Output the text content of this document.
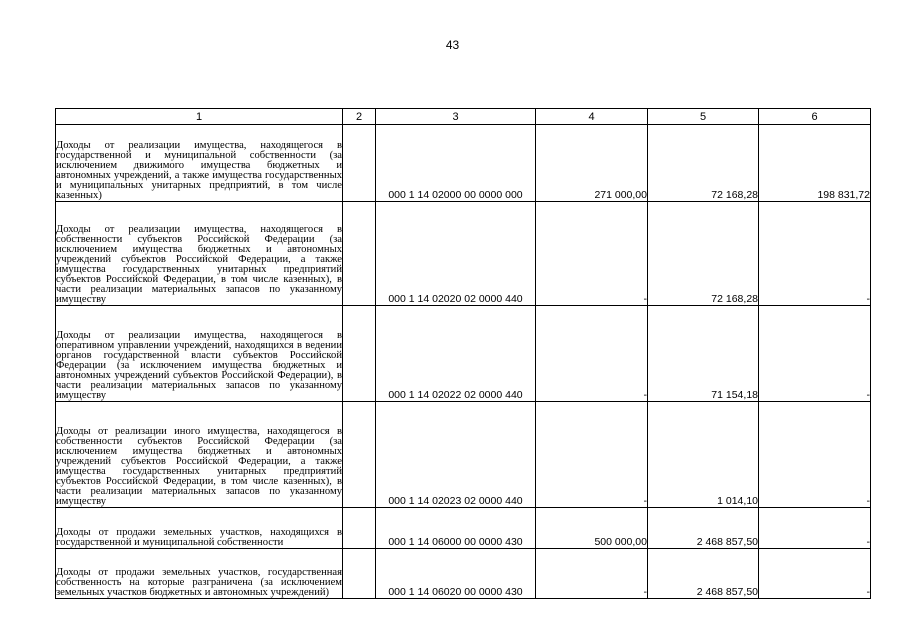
43
1	2	3	4	5	6
Доходы от реализации имущества, находящегося в государственной и муниципальной собственности (за исключением движимого имущества бюджетных и автономных учреждений, а также имущества государственных и муниципальных унитарных предприятий, в том числе казенных)		000 1 14 02000 00 0000 000	271 000,00	72 168,28	198 831,72
Доходы от реализации имущества, находящегося в собственности субъектов Российской Федерации (за исключением имущества бюджетных и автономных учреждений субъектов Российской Федерации, а также имущества государственных унитарных предприятий субъектов Российской Федерации, в том числе казенных), в части реализации материальных запасов по указанному имуществу		000 1 14 02020 02 0000 440	-	72 168,28	-
Доходы от реализации имущества, находящегося в оперативном управлении учреждений, находящихся в ведении органов государственной власти субъектов Российской Федерации (за исключением имущества бюджетных и автономных учреждений субъектов Российской Федерации), в части реализации материальных запасов по указанному имуществу		000 1 14 02022 02 0000 440	-	71 154,18	-
Доходы от реализации иного имущества, находящегося в собственности субъектов Российской Федерации (за исключением имущества бюджетных и автономных учреждений субъектов Российской Федерации, а также имущества государственных унитарных предприятий субъектов Российской Федерации, в том числе казенных), в части реализации материальных запасов по указанному имуществу		000 1 14 02023 02 0000 440	-	1 014,10	-
Доходы от продажи земельных участков, находящихся в государственной и муниципальной собственности		000 1 14 06000 00 0000 430	500 000,00	2 468 857,50	-
Доходы от продажи земельных участков, государственная собственность на которые разграничена (за исключением земельных участков бюджетных и автономных учреждений)		000 1 14 06020 00 0000 430	-	2 468 857,50	-
